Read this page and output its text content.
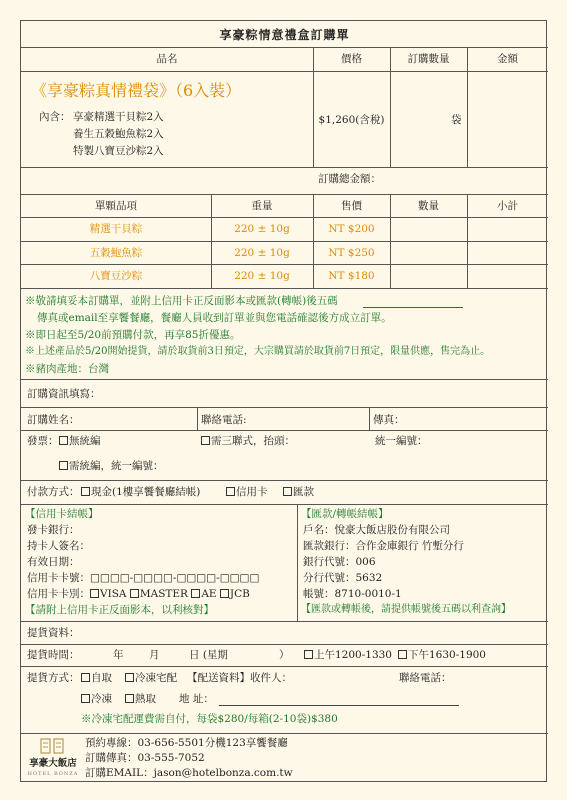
享豪粽情意禮盒訂購單
品名	價格	訂購數量	金額
《享豪粽真情禮袋》（6入裝）
內含： 享豪精選干貝粽2入
養生五穀鮑魚粽2入
特製八寶豆沙粽2入
$1,260(含稅)	袋
訂購總金額：
單顆品項	重量	售價	數量	小計
精選干貝粽	220 ± 10g	NT $200
五穀鮑魚粽	220 ± 10g	NT $250
八寶豆沙粽	220 ± 10g	NT $180
※敬請填妥本訂購單，並附上信用卡正反面影本或匯款(轉帳)後五碼
傳真或email至享饗餐廳，餐廳人員收到訂單並與您電話確認後方成立訂單。
※即日起至5/20前預購付款，再享85折優惠。
※上述產品於5/20開始提貨，請於取貨前3日預定，大宗購買請於取貨前7日預定，限量供應，售完為止。
※豬肉產地：台灣
訂購資訊填寫：
訂購姓名：	聯絡電話:	傳真：
發票：	無統編	需三聯式，抬頭：	統一編號：
需統編，統一編號：
付款方式：	現金(1樓享饗餐廳結帳)	信用卡	匯款
【信用卡結帳】
發卡銀行：
持卡人簽名：
有效日期：
信用卡卡號：□□□□-□□□□-□□□□-□□□□
信用卡卡別： VISA MASTER AE JCB
【請附上信用卡正反面影本，以利核對】
【匯款/轉帳結帳】
戶名：悅豪大飯店股份有限公司
匯款銀行：合作金庫銀行 竹塹分行
銀行代號：006
分行代號：5632
帳號：8710-0010-1
【匯款或轉帳後，請提供帳號後五碼以利查詢】
提貨資料：
提貨時間：	年 月	日 (星期	）	上午1200-1330	下午1630-1900
提貨方式：	自取	冷凍宅配 【配送資料】收件人：	聯絡電話：
冷凍	熱取 地 址：
※冷凍宅配運費需自付，每袋$280/每箱(2-10袋)$380
享豪大飯店
HOTEL BONZA
預約專線：03-656-5501分機123享饗餐廳
訂購傳真：03-555-7052
訂購EMAIL：jason@hotelbonza.com.tw
